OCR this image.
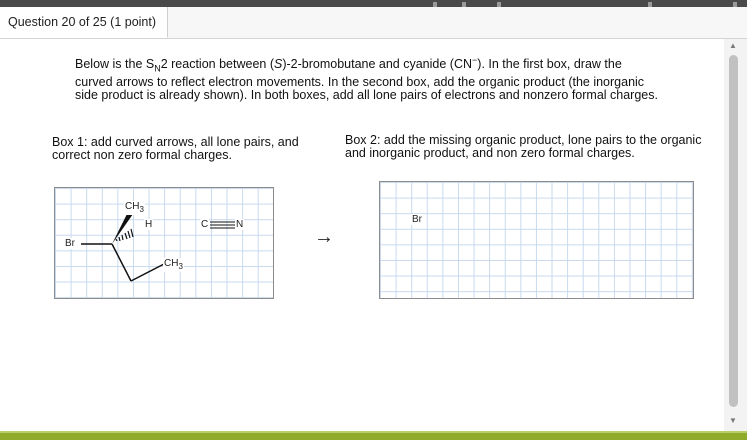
Question 20 of 25 (1 point)
Below is the $S_N2$ reaction between (S)-2-bromobutane and cyanide (CN−). In the first box, draw the curved arrows to reflect electron movements. In the second box, add the organic product (the inorganic side product is already shown). In both boxes, add all lone pairs of electrons and nonzero formal charges.
Box 1: add curved arrows, all lone pairs, and correct non zero formal charges.
Box 2: add the missing organic product, lone pairs to the organic and inorganic product, and non zero formal charges.
Br
$CH_3$
H	C	N
$CH_3$
→
Br
▲
▼
